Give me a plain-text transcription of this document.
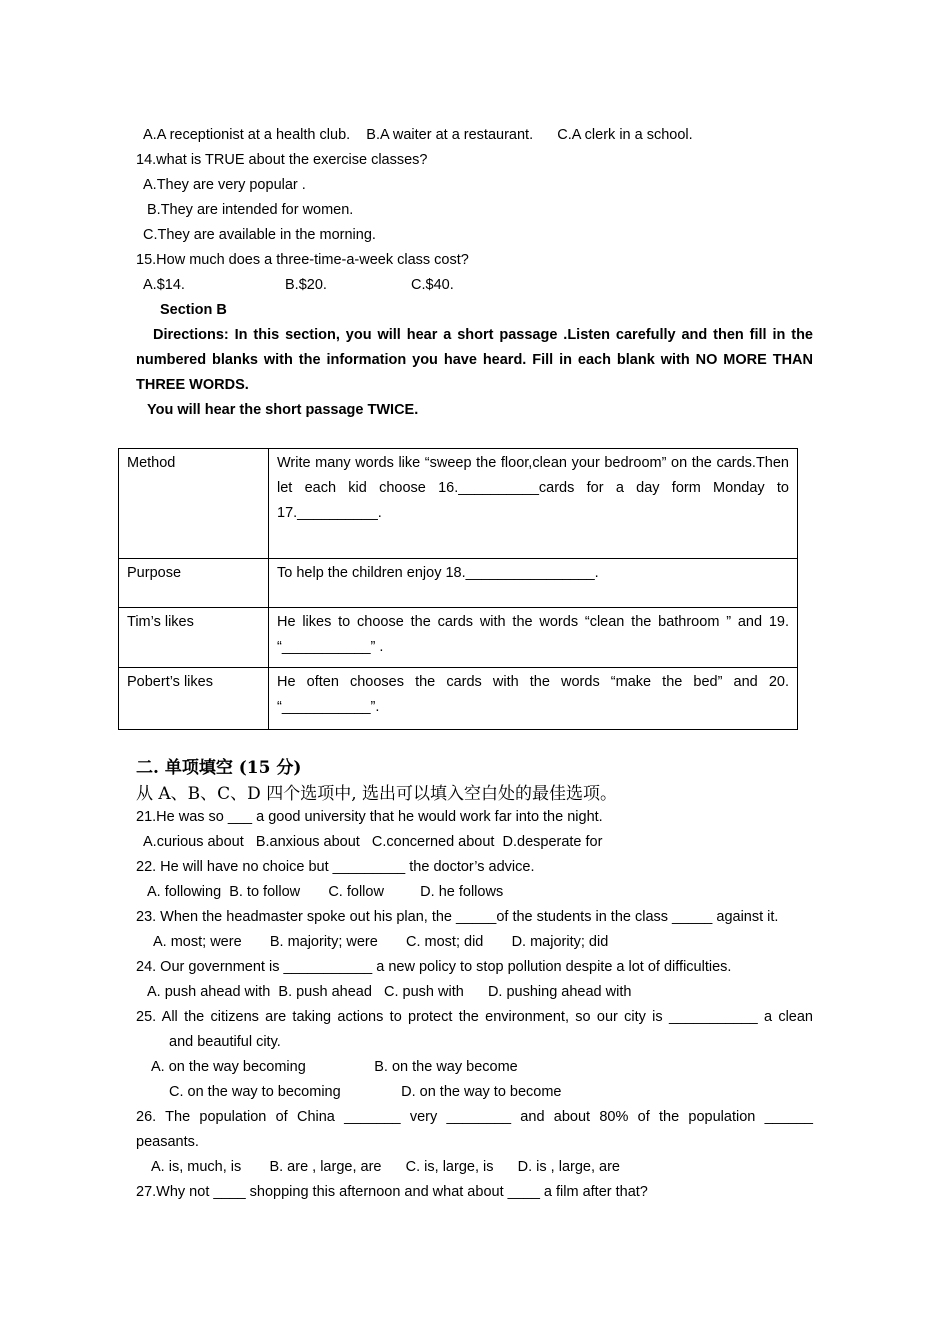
A.A receptionist at a health club.    B.A waiter at a restaurant.      C.A clerk in a school.
14.what is TRUE about the exercise classes?
A.They are very popular .
B.They are intended for women.
C.They are available in the morning.
15.How much does a three-time-a-week class cost?
A.$14.	B.$20.	C.$40.
Section B
Directions: In this section, you will hear a short passage .Listen carefully and then fill in the
numbered blanks with the information you have heard. Fill in each blank with NO MORE THAN
THREE WORDS.
You will hear the short passage TWICE.
Method	Write many words like “sweep the floor,clean your bedroom” on the cards.Then let each kid choose 16.__________cards for a day form Monday to 17.__________.
Purpose	To help the children enjoy 18.________________.
Tim’s likes	He likes to choose the cards with the words “clean the bathroom ” and 19. “___________” .
Pobert’s likes	He often chooses the cards with the words “make the bed” and 20. “___________”.
二. 单项填空 (15 分)
从 A、B、C、D 四个选项中, 选出可以填入空白处的最佳选项。
21.He was so ___ a good university that he would work far into the night.
A.curious about   B.anxious about   C.concerned about  D.desperate for
22. He will have no choice but _________ the doctor’s advice.
A. following  B. to follow       C. follow         D. he follows
23. When the headmaster spoke out his plan, the _____of the students in the class _____ against it.
A. most; were       B. majority; were       C. most; did       D. majority; did
24. Our government is ___________ a new policy to stop pollution despite a lot of difficulties.
A. push ahead with  B. push ahead   C. push with      D. pushing ahead with
25. All the citizens are taking actions to protect the environment, so our city is ___________ a clean
and beautiful city.
A. on the way becoming                 B. on the way become
C. on the way to becoming               D. on the way to become
26. The population of China _______ very ________ and about 80% of the population ______
peasants.
A. is, much, is       B. are , large, are      C. is, large, is      D. is , large, are
27.Why not ____ shopping this afternoon and what about ____ a film after that?
